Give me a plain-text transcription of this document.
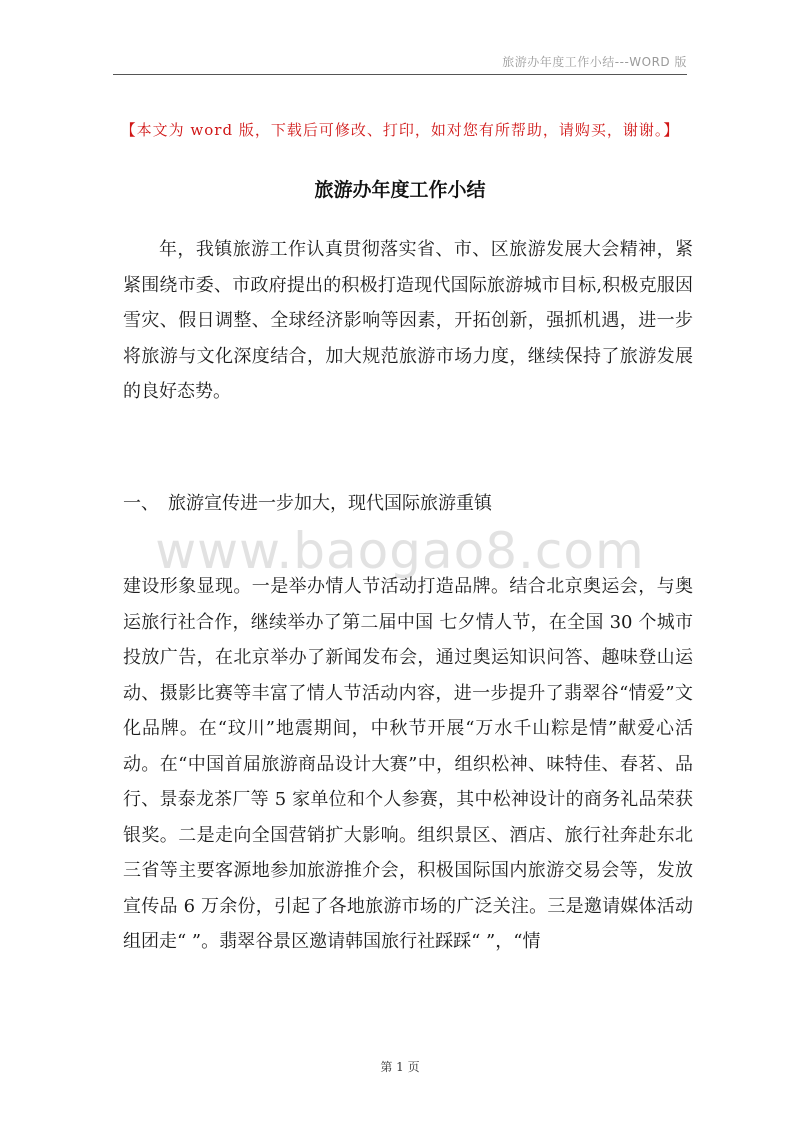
旅游办年度工作小结---WORD 版
【本文为 word 版，下载后可修改、打印，如对您有所帮助，请购买，谢谢。】
旅游办年度工作小结

年，我镇旅游工作认真贯彻落实省、市、区旅游发展大会精神，紧紧围绕市委、市政府提出的积极打造现代国际旅游城市目标,积极克服因雪灾、假日调整、全球经济影响等因素，开拓创新，强抓机遇，进一步将旅游与文化深度结合，加大规范旅游市场力度，继续保持了旅游发展的良好态势。

一、 旅游宣传进一步加大，现代国际旅游重镇
www.baogao8.com

建设形象显现。一是举办情人节活动打造品牌。结合北京奥运会，与奥运旅行社合作，继续举办了第二届中国 七夕情人节，在全国 30 个城市投放广告，在北京举办了新闻发布会，通过奥运知识问答、趣味登山运动、摄影比赛等丰富了情人节活动内容，进一步提升了翡翠谷“情爱”文化品牌。在“玟川”地震期间，中秋节开展“万水千山粽是情”献爱心活动。在“中国首届旅游商品设计大赛”中，组织松神、味特佳、春茗、品行、景泰龙茶厂等 5 家单位和个人参赛，其中松神设计的商务礼品荣获银奖。二是走向全国营销扩大影响。组织景区、酒店、旅行社奔赴东北三省等主要客源地参加旅游推介会，积极国际国内旅游交易会等，发放宣传品 6 万余份，引起了各地旅游市场的广泛关注。三是邀请媒体活动组团走“ ”。翡翠谷景区邀请韩国旅行社踩踩“ ”，“情

第 1 页
